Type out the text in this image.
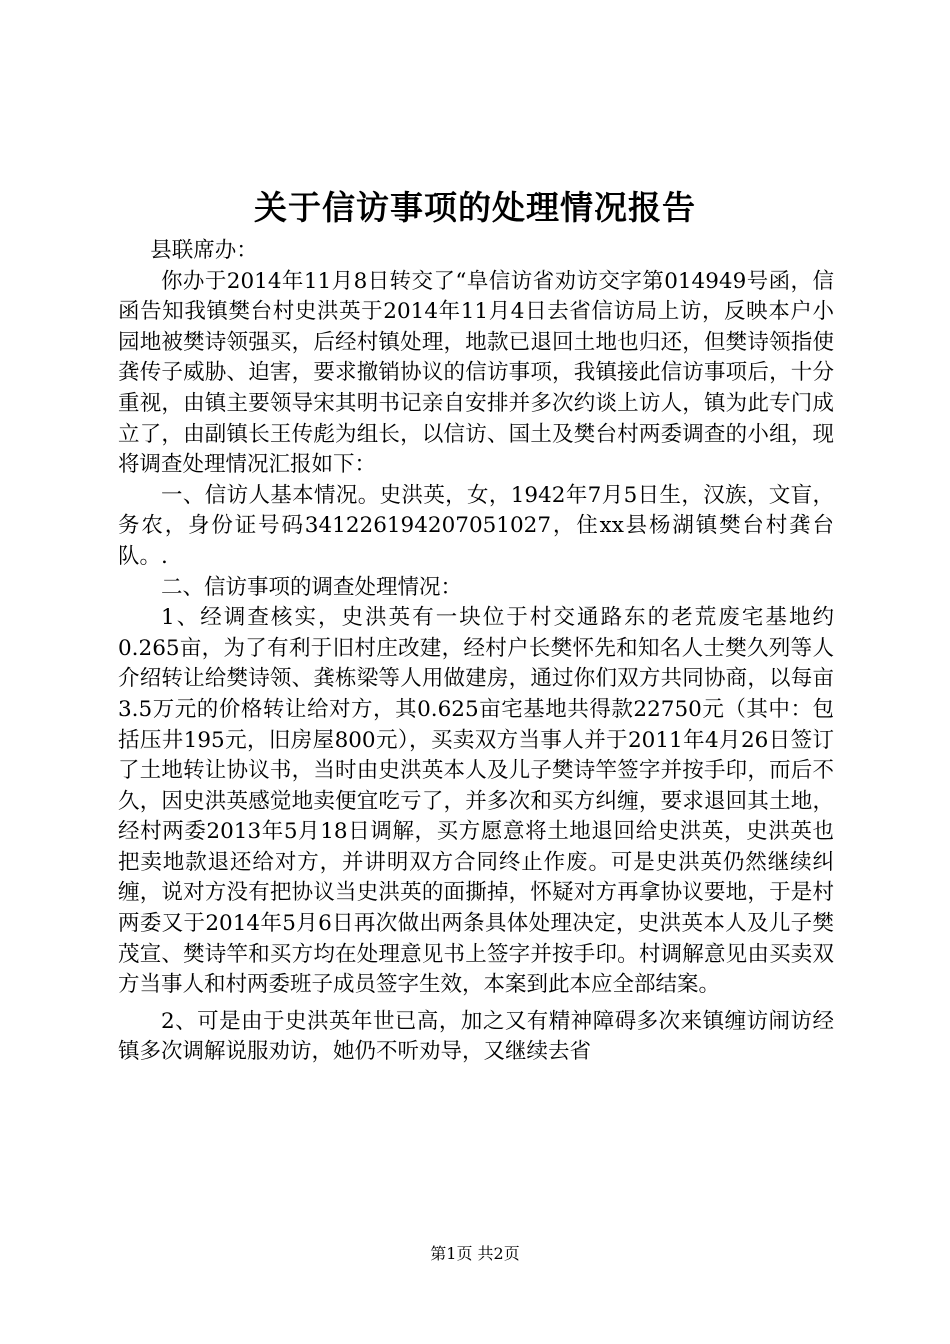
关于信访事项的处理情况报告

县联席办：

你办于2014年11月8日转交了“阜信访省劝访交字第014949号函，信函告知我镇樊台村史洪英于2014年11月4日去省信访局上访，反映本户小园地被樊诗领强买，后经村镇处理，地款已退回土地也归还，但樊诗领指使龚传子威胁、迫害，要求撤销协议的信访事项，我镇接此信访事项后，十分重视，由镇主要领导宋其明书记亲自安排并多次约谈上访人，镇为此专门成立了，由副镇长王传彪为组长，以信访、国土及樊台村两委调查的小组，现将调查处理情况汇报如下：

一、信访人基本情况。史洪英，女，1942年7月5日生，汉族，文盲，务农，身份证号码341226194207051027，住xx县杨湖镇樊台村龚台队。.

二、信访事项的调查处理情况：

1、经调查核实，史洪英有一块位于村交通路东的老荒废宅基地约0.265亩，为了有利于旧村庄改建，经村户长樊怀先和知名人士樊久列等人介绍转让给樊诗领、龚栋梁等人用做建房，通过你们双方共同协商，以每亩3.5万元的价格转让给对方，其0.625亩宅基地共得款22750元（其中：包括压井195元，旧房屋800元），买卖双方当事人并于2011年4月26日签订了土地转让协议书，当时由史洪英本人及儿子樊诗竿签字并按手印，而后不久，因史洪英感觉地卖便宜吃亏了，并多次和买方纠缠，要求退回其土地，经村两委2013年5月18日调解，买方愿意将土地退回给史洪英，史洪英也把卖地款退还给对方，并讲明双方合同终止作废。可是史洪英仍然继续纠缠，说对方没有把协议当史洪英的面撕掉，怀疑对方再拿协议要地，于是村两委又于2014年5月6日再次做出两条具体处理决定，史洪英本人及儿子樊茂宣、樊诗竿和买方均在处理意见书上签字并按手印。村调解意见由买卖双方当事人和村两委班子成员签字生效，本案到此本应全部结案。

2、可是由于史洪英年世已高，加之又有精神障碍多次来镇缠访闹访经镇多次调解说服劝访，她仍不听劝导，又继续去省

第1页 共2页
